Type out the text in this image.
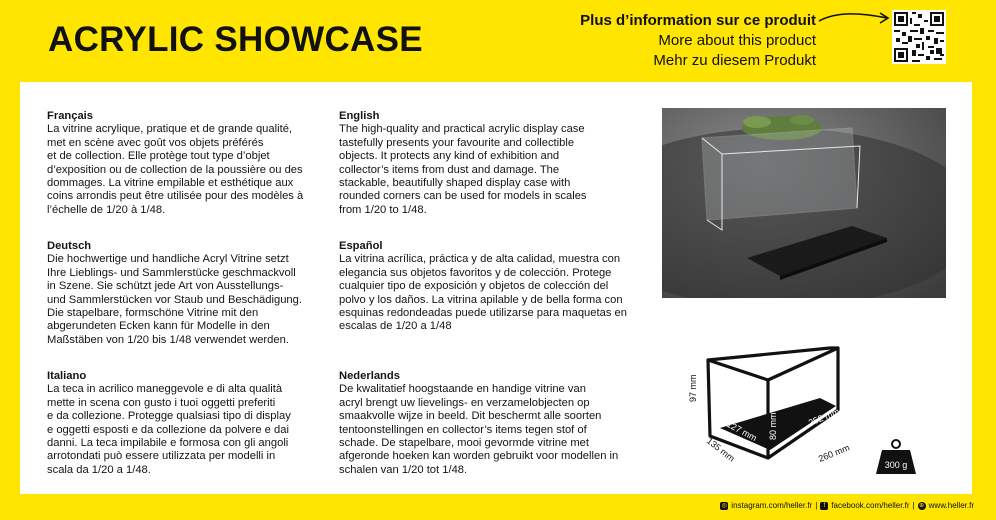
ACRYLIC SHOWCASE	Plus d’information sur ce produit
More about this product
Mehr zu diesem Produkt
Français

La vitrine acrylique, pratique et de grande qualité,
met en scène avec goût vos objets préférés
et de collection. Elle protège tout type d’objet
d’exposition ou de collection de la poussière ou des
dommages. La vitrine empilable et esthétique aux
coins arrondis peut être utilisée pour des modèles à
l’échelle de 1/20 à 1/48.

English

The high-quality and practical acrylic display case
tastefully presents your favourite and collectible
objects. It protects any kind of exhibition and
collector’s items from dust and damage. The
stackable, beautifully shaped display case with
rounded corners can be used for models in scales
from 1/20 to 1/48.

Deutsch

Die hochwertige und handliche Acryl Vitrine setzt
Ihre Lieblings- und Sammlerstücke geschmackvoll
in Szene. Sie schützt jede Art von Ausstellungs-
und Sammlerstücken vor Staub und Beschädigung.
Die stapelbare, formschöne Vitrine mit den
abgerundeten Ecken kann für Modelle in den
Maßstäben von 1/20 bis 1/48 verwendet werden.

Español

La vitrina acrílica, práctica y de alta calidad, muestra con
elegancia sus objetos favoritos y de colección. Protege
cualquier tipo de exposición y objetos de colección del
polvo y los daños. La vitrina apilable y de bella forma con
esquinas redondeadas puede utilizarse para maquetas en
escalas de 1/20 a 1/48

Italiano

La teca in acrilico maneggevole e di alta qualità
mette in scena con gusto i tuoi oggetti preferiti
e da collezione. Protegge qualsiasi tipo di display
e oggetti esposti e da collezione da polvere e dai
danni. La teca impilabile e formosa con gli angoli
arrotondati può essere utilizzata per modelli in
scala da 1/20 a 1/48.

Nederlands

De kwalitatief hoogstaande en handige vitrine van
acryl brengt uw lievelings- en verzamelobjecten op
smaakvolle wijze in beeld. Dit beschermt alle soorten
tentoonstellingen en collector’s items tegen stof of
schade. De stapelbare, mooi gevormde vitrine met
afgeronde hoeken kan worden gebruikt voor modellen in
schalen van 1/20 tot 1/48.

127 mm 80 mm	252 mm
97 mm
135 mm	260 mm
300 g
◎ instagram.com/heller.fr |	f facebook.com/heller.fr | ⊕ www.heller.fr
